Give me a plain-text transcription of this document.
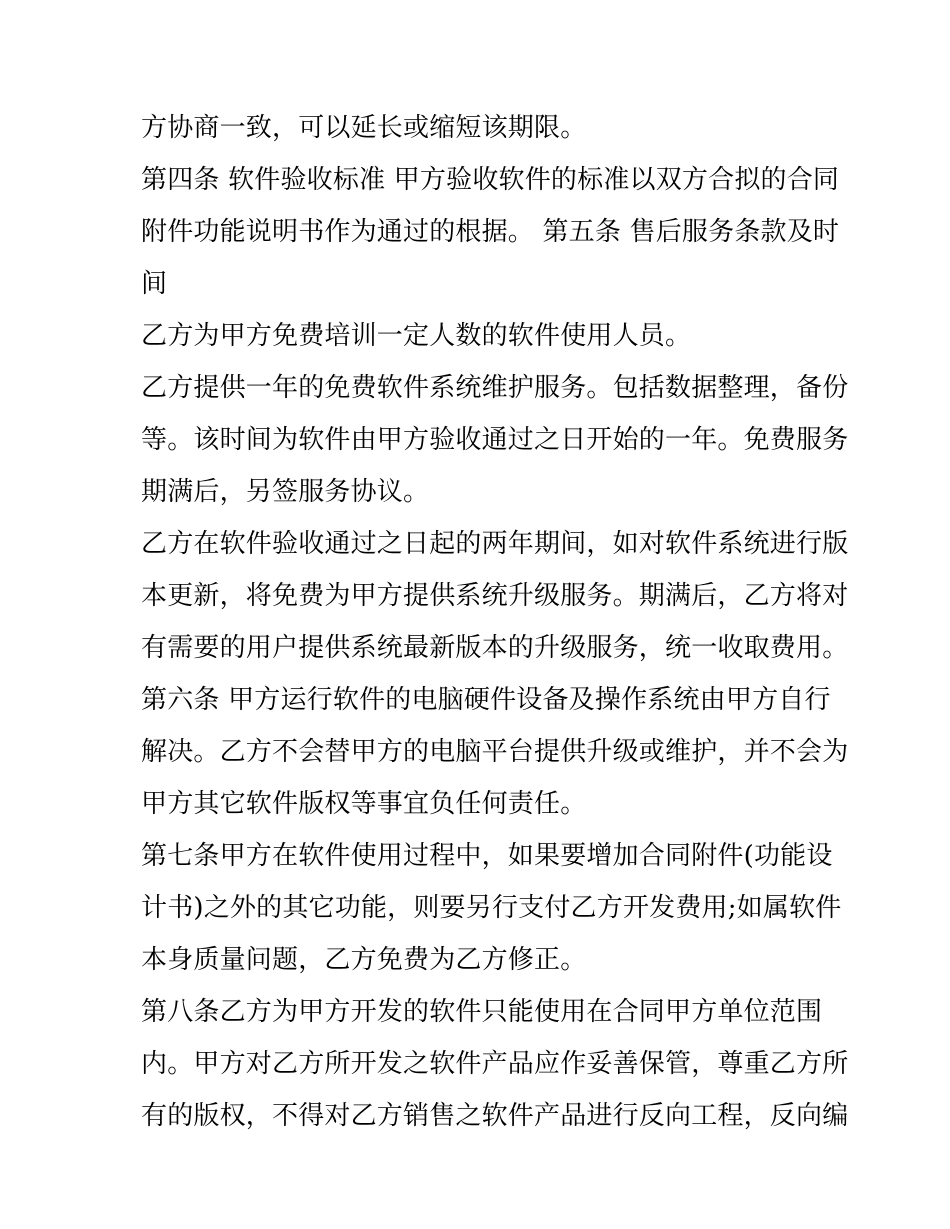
方协商一致，可以延长或缩短该期限。
第四条 软件验收标准 甲方验收软件的标准以双方合拟的合同
附件功能说明书作为通过的根据。 第五条 售后服务条款及时
间
乙方为甲方免费培训一定人数的软件使用人员。
乙方提供一年的免费软件系统维护服务。包括数据整理，备份
等。该时间为软件由甲方验收通过之日开始的一年。免费服务
期满后，另签服务协议。
乙方在软件验收通过之日起的两年期间，如对软件系统进行版
本更新，将免费为甲方提供系统升级服务。期满后，乙方将对
有需要的用户提供系统最新版本的升级服务，统一收取费用。
第六条 甲方运行软件的电脑硬件设备及操作系统由甲方自行
解决。乙方不会替甲方的电脑平台提供升级或维护，并不会为
甲方其它软件版权等事宜负任何责任。
第七条甲方在软件使用过程中，如果要增加合同附件(功能设
计书)之外的其它功能，则要另行支付乙方开发费用;如属软件
本身质量问题，乙方免费为乙方修正。
第八条乙方为甲方开发的软件只能使用在合同甲方单位范围
内。甲方对乙方所开发之软件产品应作妥善保管，尊重乙方所
有的版权，不得对乙方销售之软件产品进行反向工程，反向编
